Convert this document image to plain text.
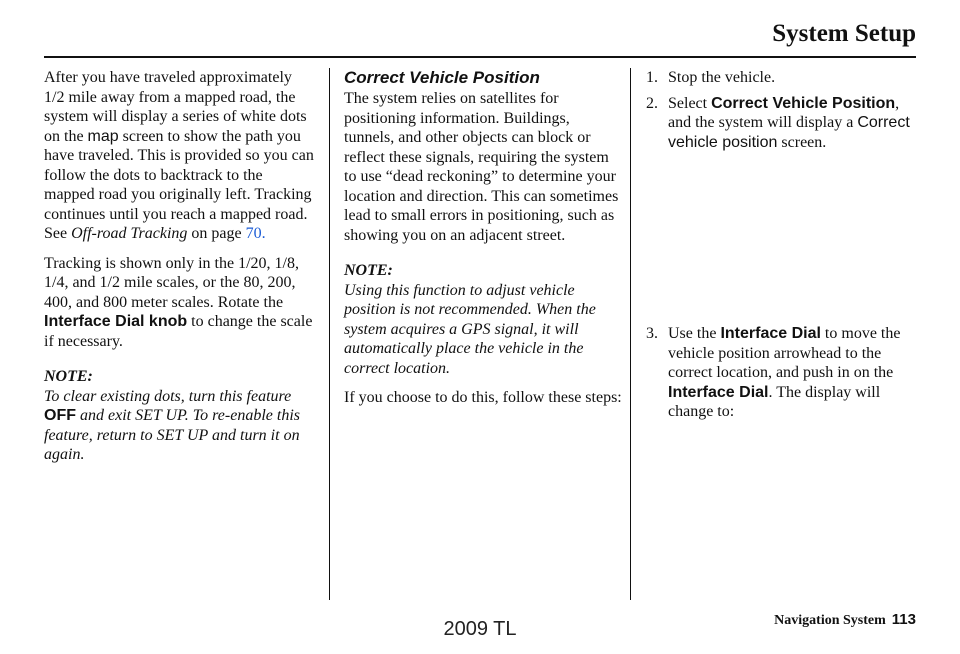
System Setup

After you have traveled approximately 1/2 mile away from a mapped road, the system will display a series of white dots on the map screen to show the path you have traveled. This is provided so you can follow the dots to backtrack to the mapped road you originally left. Tracking continues until you reach a mapped road. See Off-road Tracking on page 70.

Tracking is shown only in the 1/20, 1/8, 1/4, and 1/2 mile scales, or the 80, 200, 400, and 800 meter scales. Rotate the Interface Dial knob to change the scale if necessary.

NOTE:

To clear existing dots, turn this feature OFF and exit SET UP. To re-enable this feature, return to SET UP and turn it on again.

Correct Vehicle Position

The system relies on satellites for positioning information. Buildings, tunnels, and other objects can block or reflect these signals, requiring the system to use “dead reckoning” to determine your location and direction. This can sometimes lead to small errors in positioning, such as showing you on an adjacent street.

NOTE:

Using this function to adjust vehicle position is not recommended. When the system acquires a GPS signal, it will automatically place the vehicle in the correct location.

If you choose to do this, follow these steps:

1. Stop the vehicle.
2. Select Correct Vehicle Position, and the system will display a Correct vehicle position screen.
3. Use the Interface Dial to move the vehicle position arrowhead to the correct location, and push in on the Interface Dial. The display will change to:
Navigation System 113
2009 TL
